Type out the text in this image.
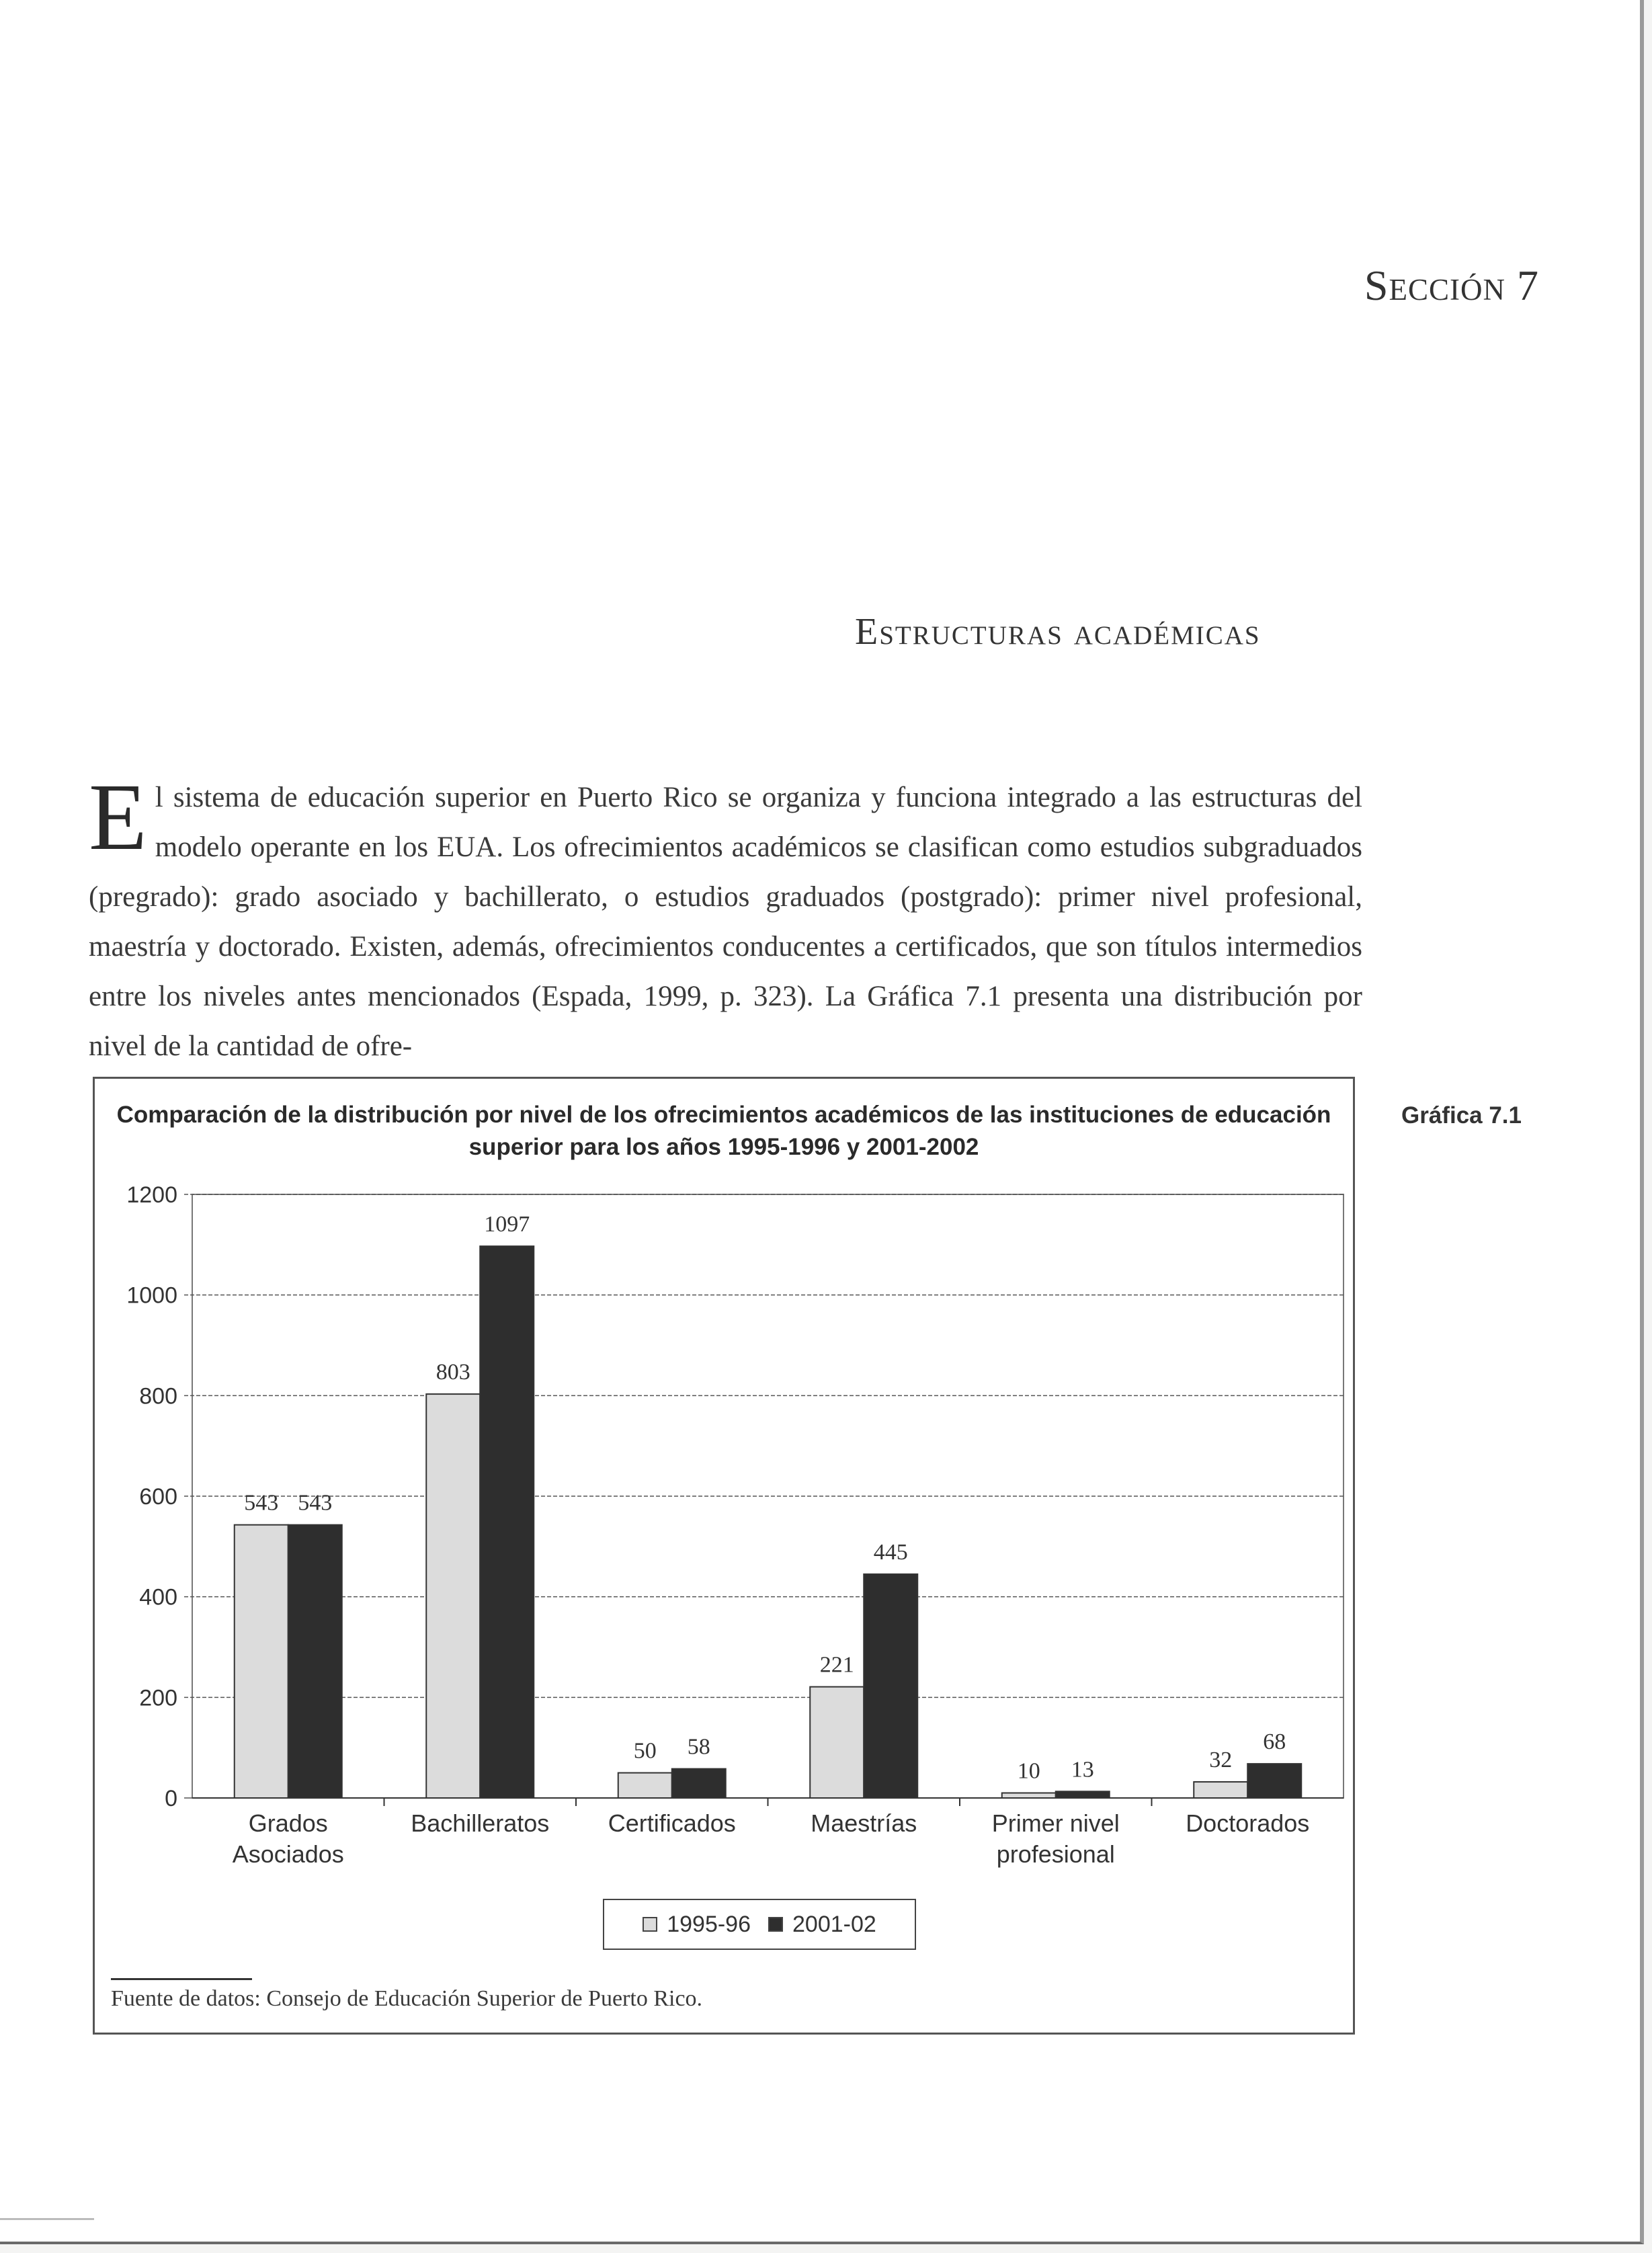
Sección 7
Estructuras académicas
El sistema de educación superior en Puerto Rico se organiza y funciona integrado a las estructuras del modelo operante en los EUA. Los ofrecimientos académicos se clasifican como estudios subgraduados (pregrado): grado asociado y bachillerato, o estudios graduados (postgrado): primer nivel profesional, maestría y doctorado. Existen, además, ofrecimientos conducentes a certificados, que son títulos intermedios entre los niveles antes mencionados (Espada, 1999, p. 323). La Gráfica 7.1 presenta una distribución por nivel de la cantidad de ofre-
Gráfica 7.1
Comparación de la distribución por nivel de los ofrecimientos académicos de las instituciones de educación superior para los años 1995-1996 y 2001-2002
0
200
400
600
800
1000
1200
543 543
Grados
Asociados
803
1097
Bachilleratos
50 58
Certificados
221
445
Maestrías
10 13
Primer nivel
profesional
32
68
Doctorados
1995-96 2001-02
Fuente de datos: Consejo de Educación Superior de Puerto Rico.
